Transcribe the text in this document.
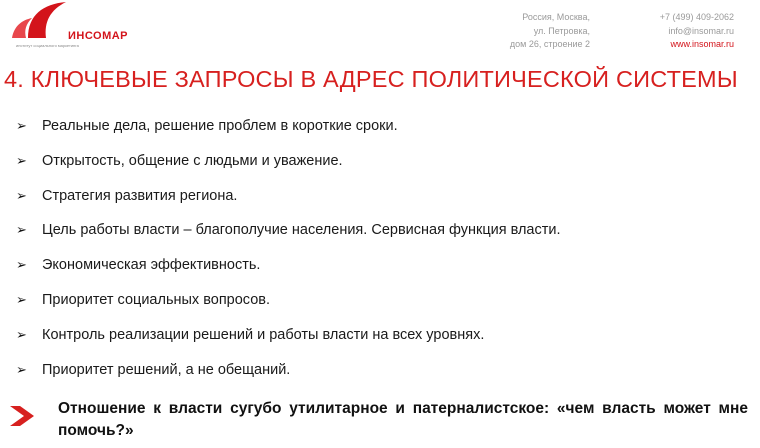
ИНСОМАР
институт социального маркетинга
Россия, Москва,
ул. Петровка,
дом 26, строение 2
+7 (499) 409-2062
info@insomar.ru
www.insomar.ru
4. КЛЮЧЕВЫЕ ЗАПРОСЫ В АДРЕС ПОЛИТИЧЕСКОЙ СИСТЕМЫ
➢	Реальные дела, решение проблем в короткие сроки.
➢	Открытость, общение с людьми и уважение.
➢	Стратегия развития региона.
➢	Цель работы власти – благополучие населения. Сервисная функция власти.
➢	Экономическая эффективность.
➢	Приоритет социальных вопросов.
➢	Контроль реализации решений и работы власти на всех уровнях.
➢	Приоритет решений, а не обещаний.
Отношение к власти сугубо утилитарное и патерналистское: «чем власть может мне помочь?»
